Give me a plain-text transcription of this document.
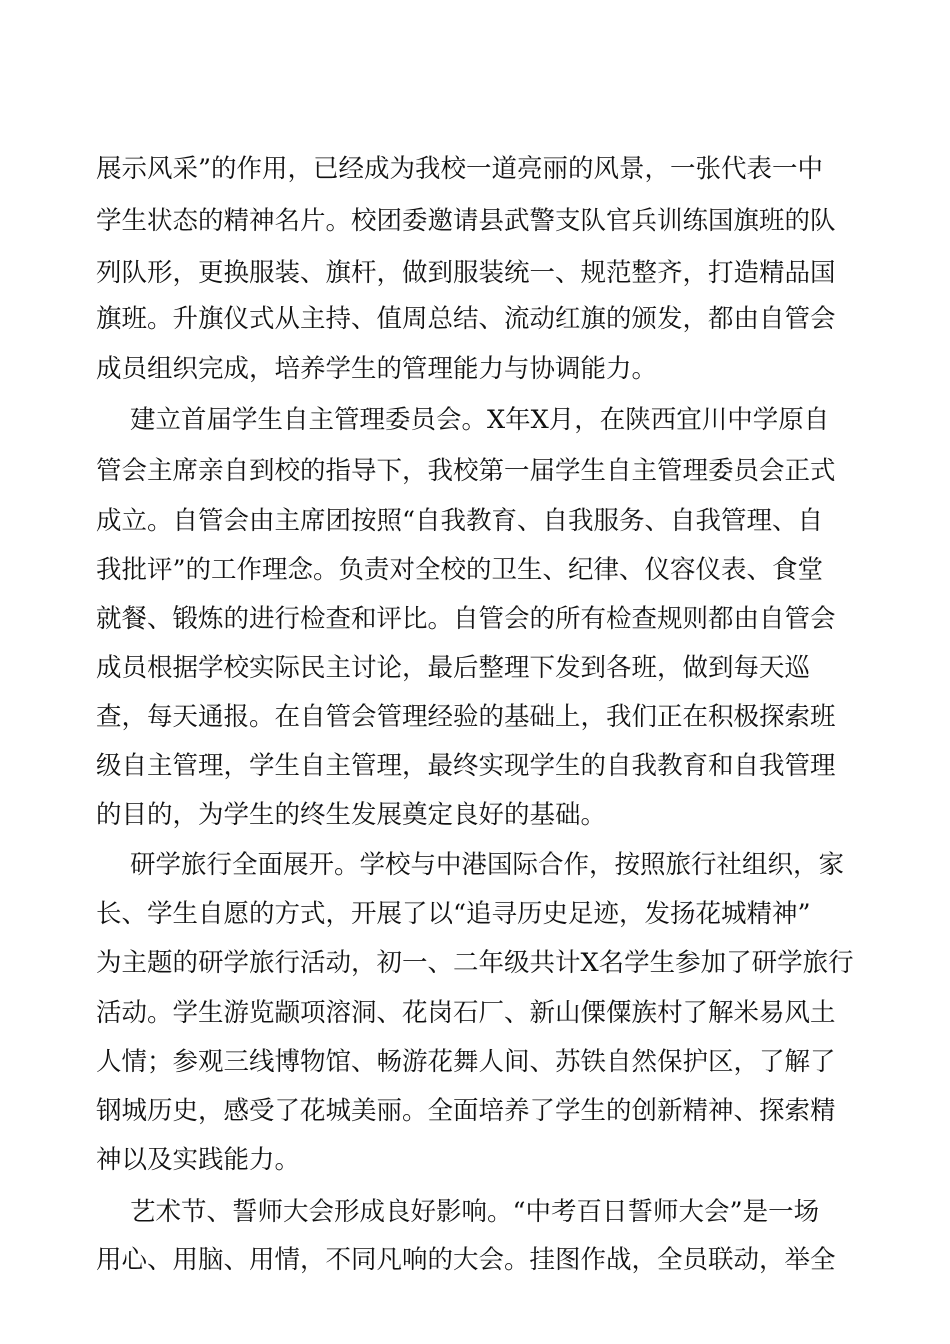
展示风采”的作用，已经成为我校一道亮丽的风景，一张代表一中
学生状态的精神名片。校团委邀请县武警支队官兵训练国旗班的队
列队形，更换服装、旗杆，做到服装统一、规范整齐，打造精品国
旗班。升旗仪式从主持、值周总结、流动红旗的颁发，都由自管会
成员组织完成，培养学生的管理能力与协调能力。
建立首届学生自主管理委员会。X年X月，在陕西宜川中学原自
管会主席亲自到校的指导下，我校第一届学生自主管理委员会正式
成立。自管会由主席团按照“自我教育、自我服务、自我管理、自
我批评”的工作理念。负责对全校的卫生、纪律、仪容仪表、食堂
就餐、锻炼的进行检查和评比。自管会的所有检查规则都由自管会
成员根据学校实际民主讨论，最后整理下发到各班，做到每天巡
查，每天通报。在自管会管理经验的基础上，我们正在积极探索班
级自主管理，学生自主管理，最终实现学生的自我教育和自我管理
的目的，为学生的终生发展奠定良好的基础。
研学旅行全面展开。学校与中港国际合作，按照旅行社组织，家
长、学生自愿的方式，开展了以“追寻历史足迹，发扬花城精神”
为主题的研学旅行活动，初一、二年级共计X名学生参加了研学旅行
活动。学生游览颛项溶洞、花岗石厂、新山傈僳族村了解米易风土
人情；参观三线博物馆、畅游花舞人间、苏铁自然保护区，了解了
钢城历史，感受了花城美丽。全面培养了学生的创新精神、探索精
神以及实践能力。
艺术节、誓师大会形成良好影响。“中考百日誓师大会”是一场
用心、用脑、用情，不同凡响的大会。挂图作战，全员联动，举全
